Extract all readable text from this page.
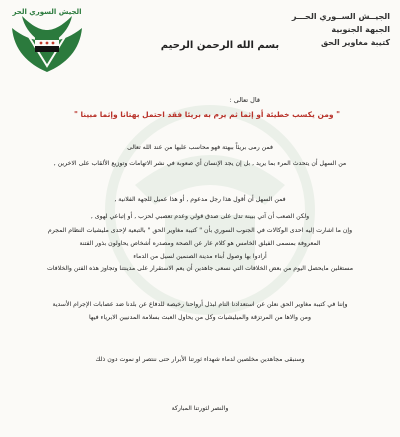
الجيش السوري الحر	الجيــش الســوري الحـــر
الجبهة الجنوبية
كتيبة مغاوير الحق
بسم الله الرحمن الرحيم
قال تعالى :
" ومن يكسب خطيئة أو إثما ثم يرم به بريئا فقد احتمل بهتانا وإثما مبينا "
فمن رمى بريئاً ببهتة فهو محاسب عليها من عند الله تعالى
من السهل أن يتحدث المرء بما يريد , بل إن يجد الإنسان أي صعوبة في نشر الاتهامات وتوزيع الألقاب على الاخرين ,
فمن السهل أن أقول هذا رجل مدعوم , أو هذا عميل للجهة الفلانية ,
ولكن الصعب أن آتي ببينة تدل على صدق قولي وعدم تعصبي لحزب , أو إتباعي لهوى ,
وإن ما اشارت إليه احدى الوكالات في الجنوب السوري بأن " كتيبة مغاوير الحق " بالتبعية لإحدى مليشيات النظام المجرم
المعروفة بمسمى الفيلق الخامس هو كلام عار عن الصحة ومصدره أشخاص يحاولون بذور الفتنة
أرادوا بها وصول أبناء مدينة الصنمين لسيل من الدماء
مستغلين مايحصل اليوم من بعض الخلافات التي نسعى جاهدين أن يعم الاستقرار على مدينتنا وتجاوز هذه الفتن والخلافات
وإننا في كتيبة مغاوير الحق نعلن عن استعدادنا التام لبذل أرواحنا رخيصة للدفاع عن بلدنا ضد عصابات الإجرام الأسدية
ومن والاها من المرتزقة والميليشيات وكل من يحاول العبث بسلامة المدنيين الابرياء فيها
وسنبقى مجاهدين مخلصين لدماء شهداء ثورتنا الأبرار حتى ننتصر او نموت دون ذلك
والنصر لثورتنا المباركة
